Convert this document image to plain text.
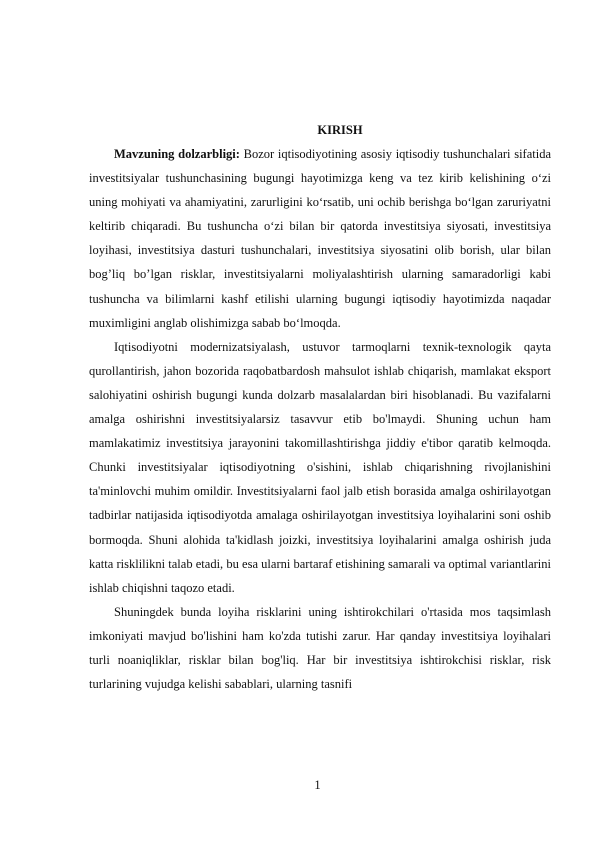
KIRISH

Mavzuning dolzarbligi: Bozor iqtisodiyotining asosiy iqtisodiy tushunchalari sifatida investitsiyalar tushunchasining bugungi hayotimizga keng va tez kirib kelishining o‘zi uning mohiyati va ahamiyatini, zarurligini ko‘rsatib, uni ochib berishga bo‘lgan zaruriyatni keltirib chiqaradi. Bu tushuncha o‘zi bilan bir qatorda investitsiya siyosati, investitsiya loyihasi, investitsiya dasturi tushunchalari, investitsiya siyosatini olib borish, ular bilan bog’liq bo’lgan risklar, investitsiyalarni moliyalashtirish ularning samaradorligi kabi tushuncha va bilimlarni kashf etilishi ularning bugungi iqtisodiy hayotimizda naqadar muximligini anglab olishimizga sabab bo‘lmoqda.

Iqtisodiyotni modernizatsiyalash, ustuvor tarmoqlarni texnik-texnologik qayta qurollantirish, jahon bozorida raqobatbardosh mahsulot ishlab chiqarish, mamlakat eksport salohiyatini oshirish bugungi kunda dolzarb masalalardan biri hisoblanadi. Bu vazifalarni amalga oshirishni investitsiyalarsiz tasavvur etib bo'lmaydi. Shuning uchun ham mamlakatimiz investitsiya jarayonini takomillashtirishga jiddiy e'tibor qaratib kelmoqda. Chunki investitsiyalar iqtisodiyotning o'sishini, ishlab chiqarishning rivojlanishini ta'minlovchi muhim omildir. Investitsiyalarni faol jalb etish borasida amalga oshirilayotgan tadbirlar natijasida iqtisodiyotda amalaga oshirilayotgan investitsiya loyihalarini soni oshib bormoqda. Shuni alohida ta'kidlash joizki, investitsiya loyihalarini amalga oshirish juda katta risklilikni talab etadi, bu esa ularni bartaraf etishining samarali va optimal variantlarini ishlab chiqishni taqozo etadi.

Shuningdek bunda loyiha risklarini uning ishtirokchilari o'rtasida mos taqsimlash imkoniyati mavjud bo'lishini ham ko'zda tutishi zarur. Har qanday investitsiya loyihalari turli noaniqliklar, risklar bilan bog'liq. Har bir investitsiya ishtirokchisi risklar, risk turlarining vujudga kelishi sabablari, ularning tasnifi

1
